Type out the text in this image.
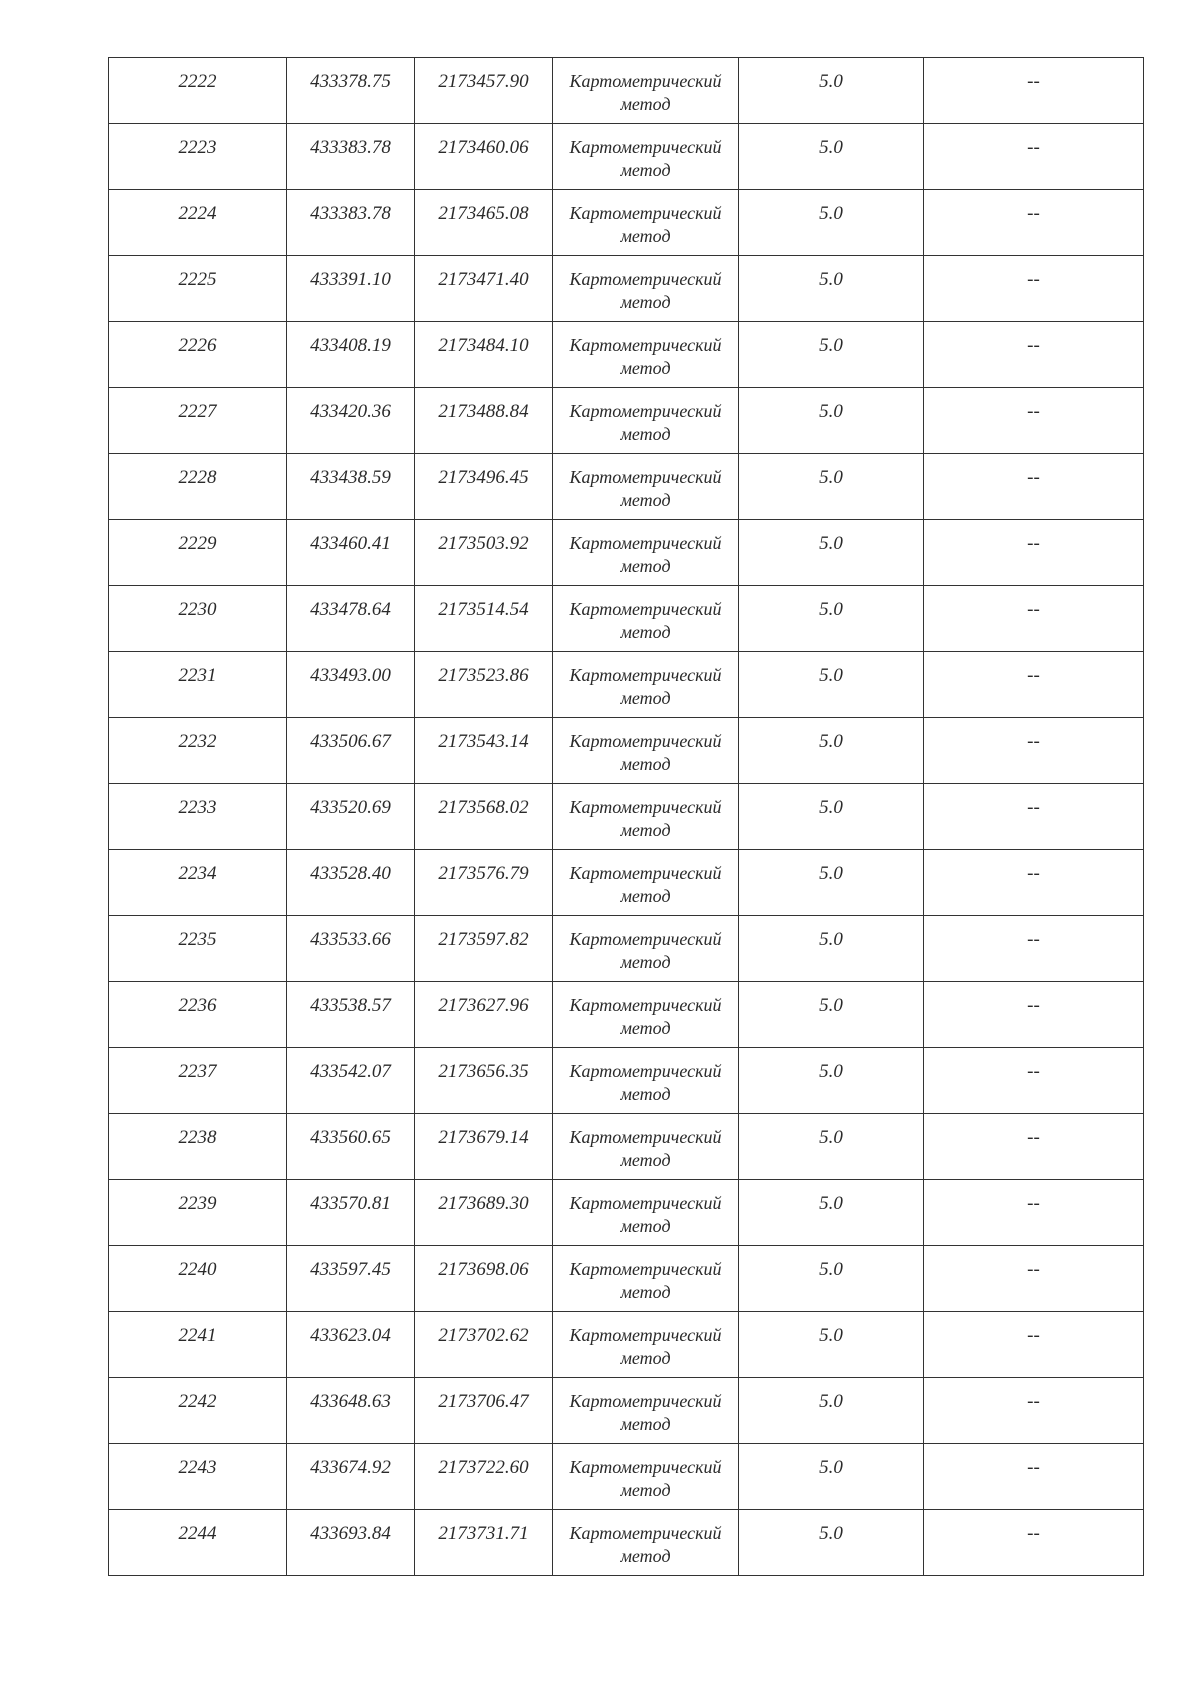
2222	433378.75	2173457.90	Картометрический метод	5.0	--
2223	433383.78	2173460.06	Картометрический метод	5.0	--
2224	433383.78	2173465.08	Картометрический метод	5.0	--
2225	433391.10	2173471.40	Картометрический метод	5.0	--
2226	433408.19	2173484.10	Картометрический метод	5.0	--
2227	433420.36	2173488.84	Картометрический метод	5.0	--
2228	433438.59	2173496.45	Картометрический метод	5.0	--
2229	433460.41	2173503.92	Картометрический метод	5.0	--
2230	433478.64	2173514.54	Картометрический метод	5.0	--
2231	433493.00	2173523.86	Картометрический метод	5.0	--
2232	433506.67	2173543.14	Картометрический метод	5.0	--
2233	433520.69	2173568.02	Картометрический метод	5.0	--
2234	433528.40	2173576.79	Картометрический метод	5.0	--
2235	433533.66	2173597.82	Картометрический метод	5.0	--
2236	433538.57	2173627.96	Картометрический метод	5.0	--
2237	433542.07	2173656.35	Картометрический метод	5.0	--
2238	433560.65	2173679.14	Картометрический метод	5.0	--
2239	433570.81	2173689.30	Картометрический метод	5.0	--
2240	433597.45	2173698.06	Картометрический метод	5.0	--
2241	433623.04	2173702.62	Картометрический метод	5.0	--
2242	433648.63	2173706.47	Картометрический метод	5.0	--
2243	433674.92	2173722.60	Картометрический метод	5.0	--
2244	433693.84	2173731.71	Картометрический метод	5.0	--
